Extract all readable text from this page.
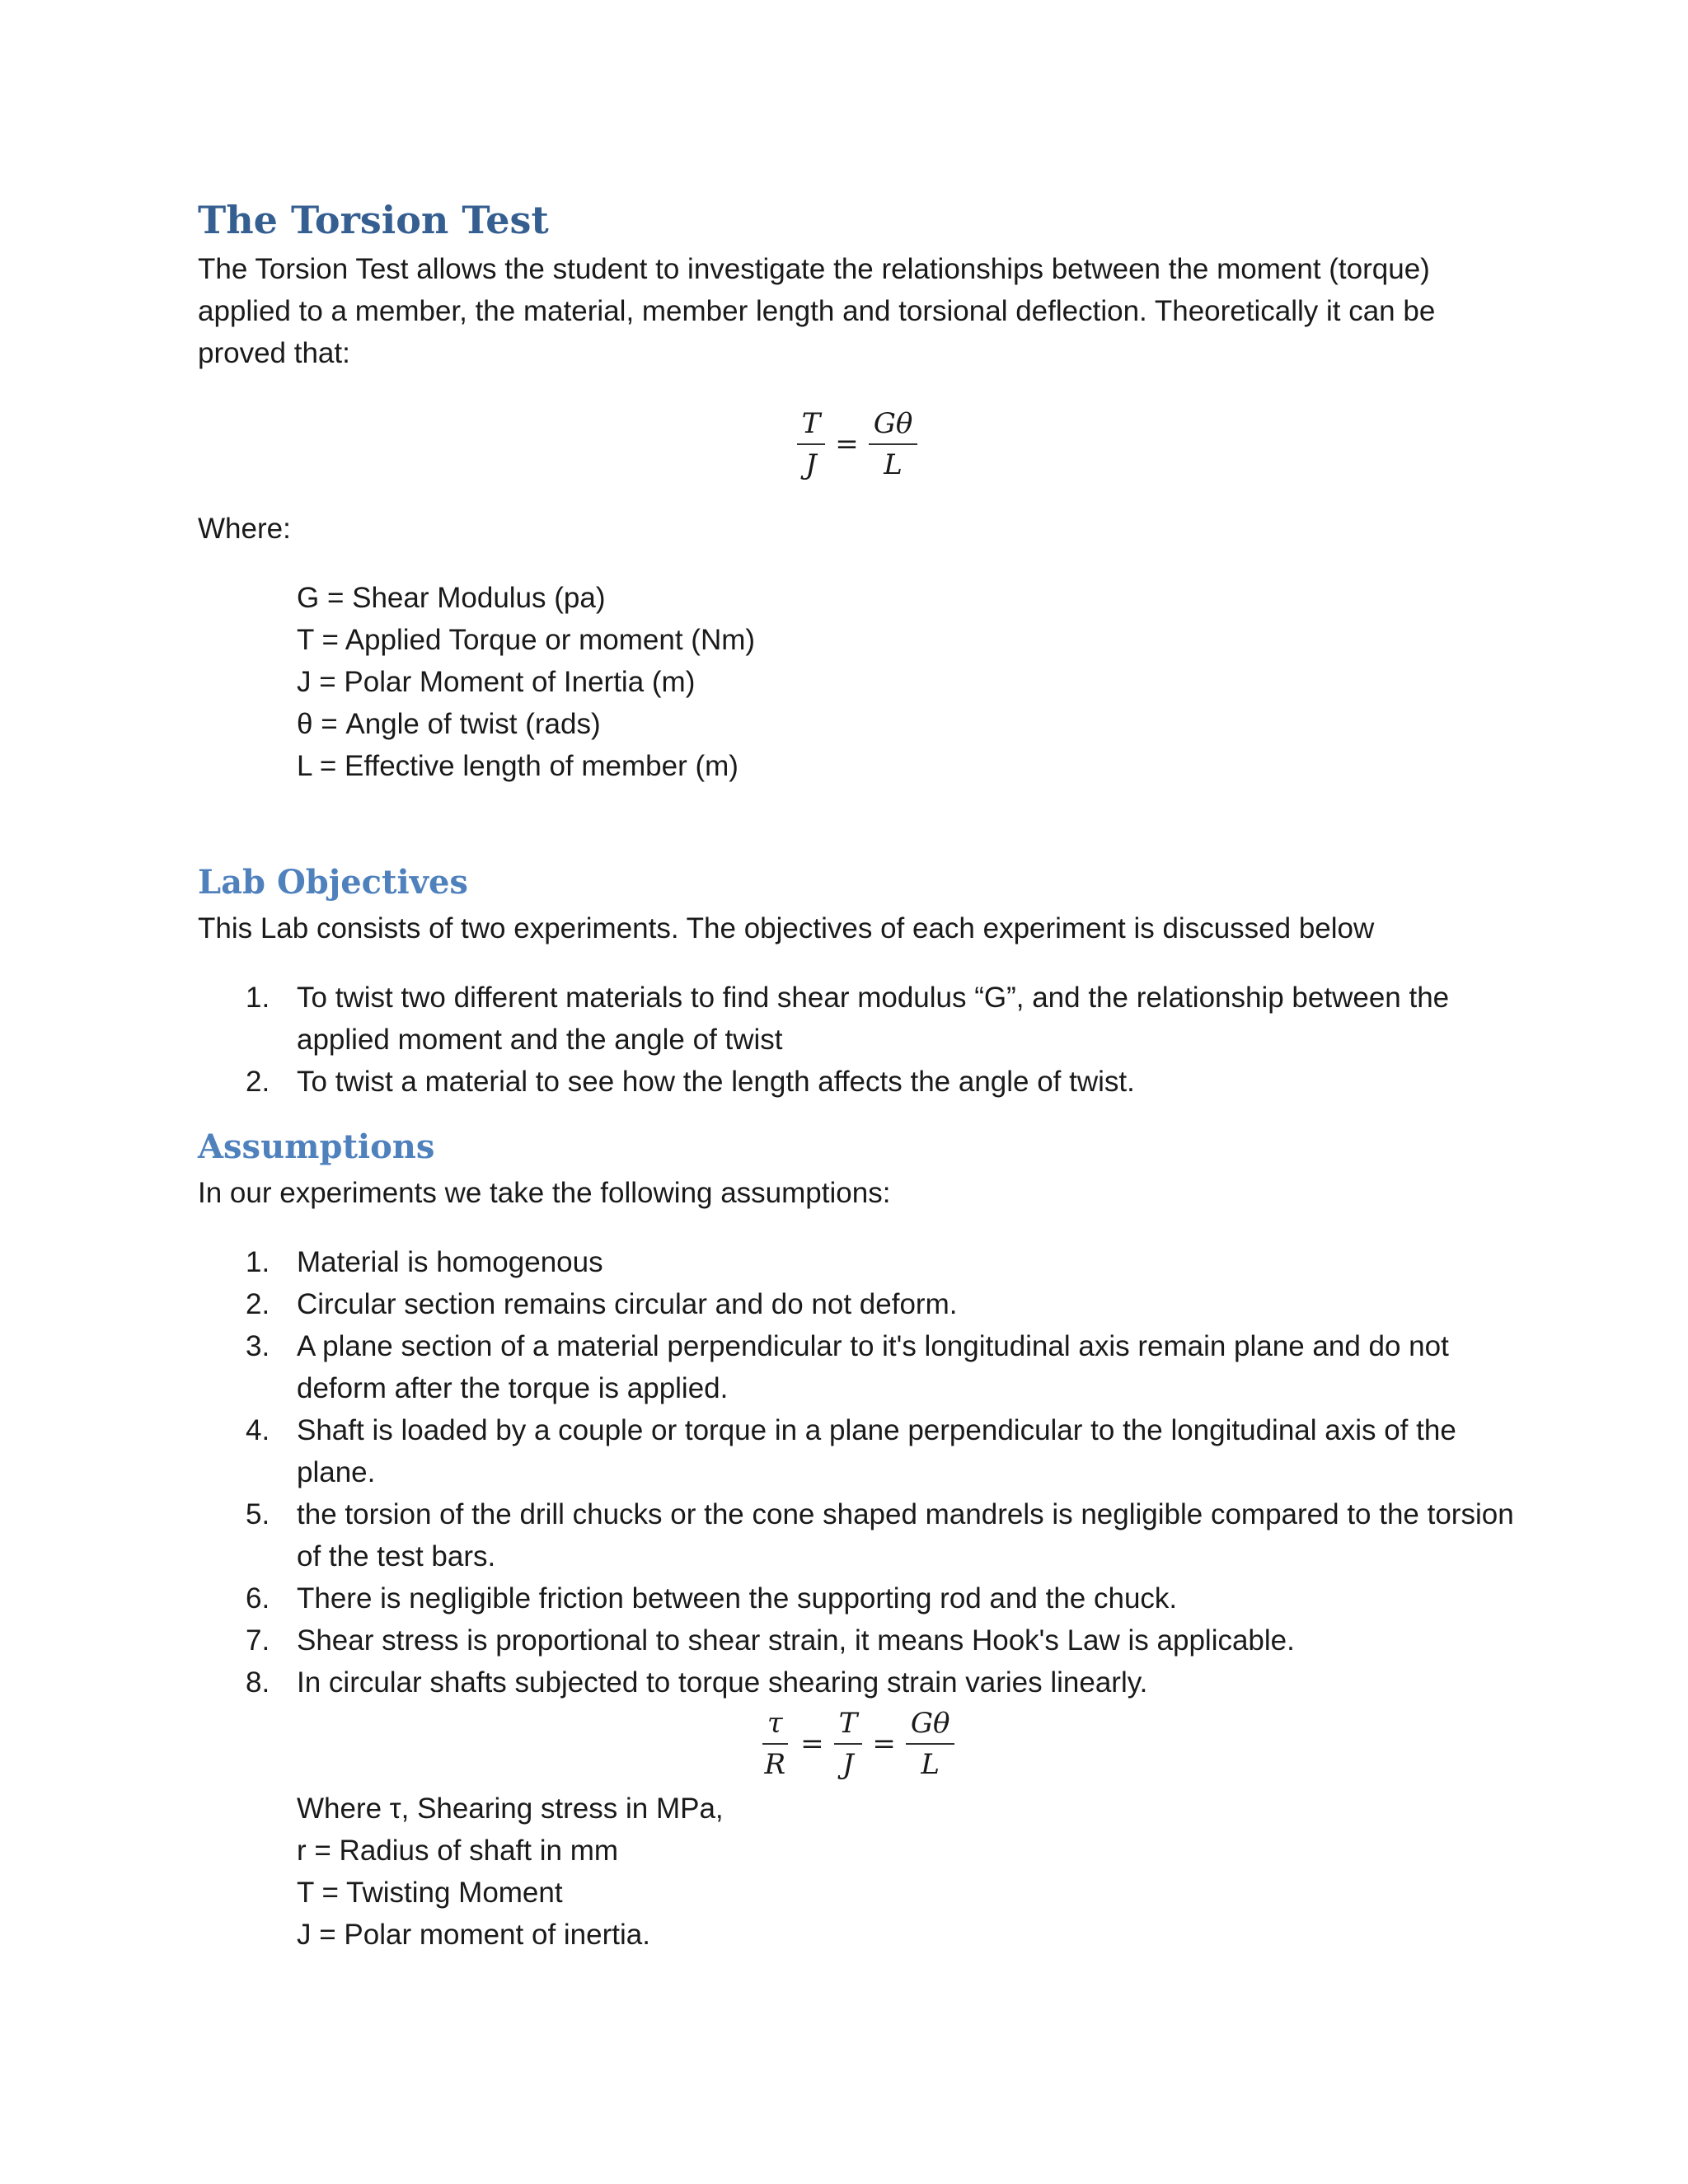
The Torsion Test

The Torsion Test allows the student to investigate the relationships between the moment (torque) applied to a member, the material, member length and torsional deflection. Theoretically it can be proved that:

$\frac{T}{J} = \frac{G\theta}{L}$

Where:

G = Shear Modulus (pa)
T = Applied Torque or moment (Nm)
J = Polar Moment of Inertia (m)
θ = Angle of twist (rads)
L = Effective length of member (m)
Lab Objectives

This Lab consists of two experiments. The objectives of each experiment is discussed below

1. To twist two different materials to find shear modulus “G”, and the relationship between the applied moment and the angle of twist
2. To twist a material to see how the length affects the angle of twist.
Assumptions

In our experiments we take the following assumptions:

1. Material is homogenous
2. Circular section remains circular and do not deform.
3. A plane section of a material perpendicular to it's longitudinal axis remain plane and do not deform after the torque is applied.
4. Shaft is loaded by a couple or torque in a plane perpendicular to the longitudinal axis of the plane.
5. the torsion of the drill chucks or the cone shaped mandrels is negligible compared to the torsion of the test bars.
6. There is negligible friction between the supporting rod and the chuck.
7. Shear stress is proportional to shear strain, it means Hook's Law is applicable.
8. In circular shafts subjected to torque shearing strain varies linearly.
$\frac{\tau}{R} = \frac{T}{J} = \frac{G\theta}{L}$
Where τ, Shearing stress in MPa,
r = Radius of shaft in mm
T = Twisting Moment
J = Polar moment of inertia.
